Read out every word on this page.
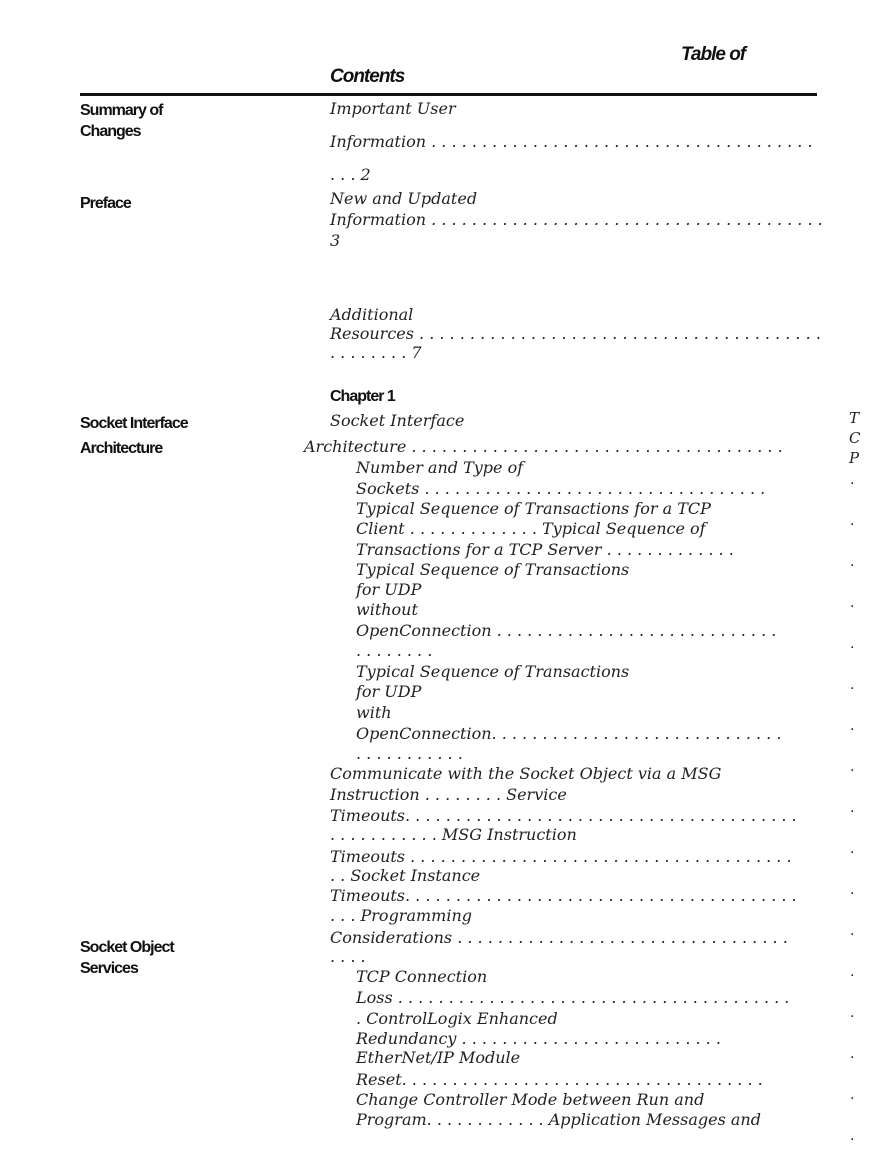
Table of
Contents
Summary of
Changes
Preface
Socket Interface
Architecture
Socket Object
Services
Chapter 1
Important User
Information . . . . . . . . . . . . . . . . . . . . . . . . . . . . . . . . . . . . . .
. . . 2
New and Updated
Information . . . . . . . . . . . . . . . . . . . . . . . . . . . . . . . . . . . . . . .
3
Additional
Resources . . . . . . . . . . . . . . . . . . . . . . . . . . . . . . . . . . . . . . . .
. . . . . . . . 7
Socket Interface
Architecture . . . . . . . . . . . . . . . . . . . . . . . . . . . . . . . . . . . . .
Number and Type of
Sockets . . . . . . . . . . . . . . . . . . . . . . . . . . . . . . . . . .
Typical Sequence of Transactions for a TCP
Client . . . . . . . . . . . . . Typical Sequence of
Transactions for a TCP Server . . . . . . . . . . . . .
Typical Sequence of Transactions
for UDP
without
OpenConnection . . . . . . . . . . . . . . . . . . . . . . . . . . . .
. . . . . . . .
Typical Sequence of Transactions
for UDP
with
OpenConnection. . . . . . . . . . . . . . . . . . . . . . . . . . . . .
. . . . . . . . . . .
Communicate with the Socket Object via a MSG
Instruction . . . . . . . . Service
Timeouts. . . . . . . . . . . . . . . . . . . . . . . . . . . . . . . . . . . . . . .
. . . . . . . . . . . MSG Instruction
Timeouts . . . . . . . . . . . . . . . . . . . . . . . . . . . . . . . . . . . . . .
. . Socket Instance
Timeouts. . . . . . . . . . . . . . . . . . . . . . . . . . . . . . . . . . . . . . .
. . . Programming
Considerations . . . . . . . . . . . . . . . . . . . . . . . . . . . . . . . . .
. . . .
TCP Connection
Loss . . . . . . . . . . . . . . . . . . . . . . . . . . . . . . . . . . . . . . .
. ControlLogix Enhanced
Redundancy . . . . . . . . . . . . . . . . . . . . . . . . . .
EtherNet/IP Module
Reset. . . . . . . . . . . . . . . . . . . . . . . . . . . . . . . . . . . .
Change Controller Mode between Run and
Program. . . . . . . . . . . . Application Messages and
T
C
P
.
.
.
.
.
.
.
.
.
.
.
.
.
.
.
.
.
